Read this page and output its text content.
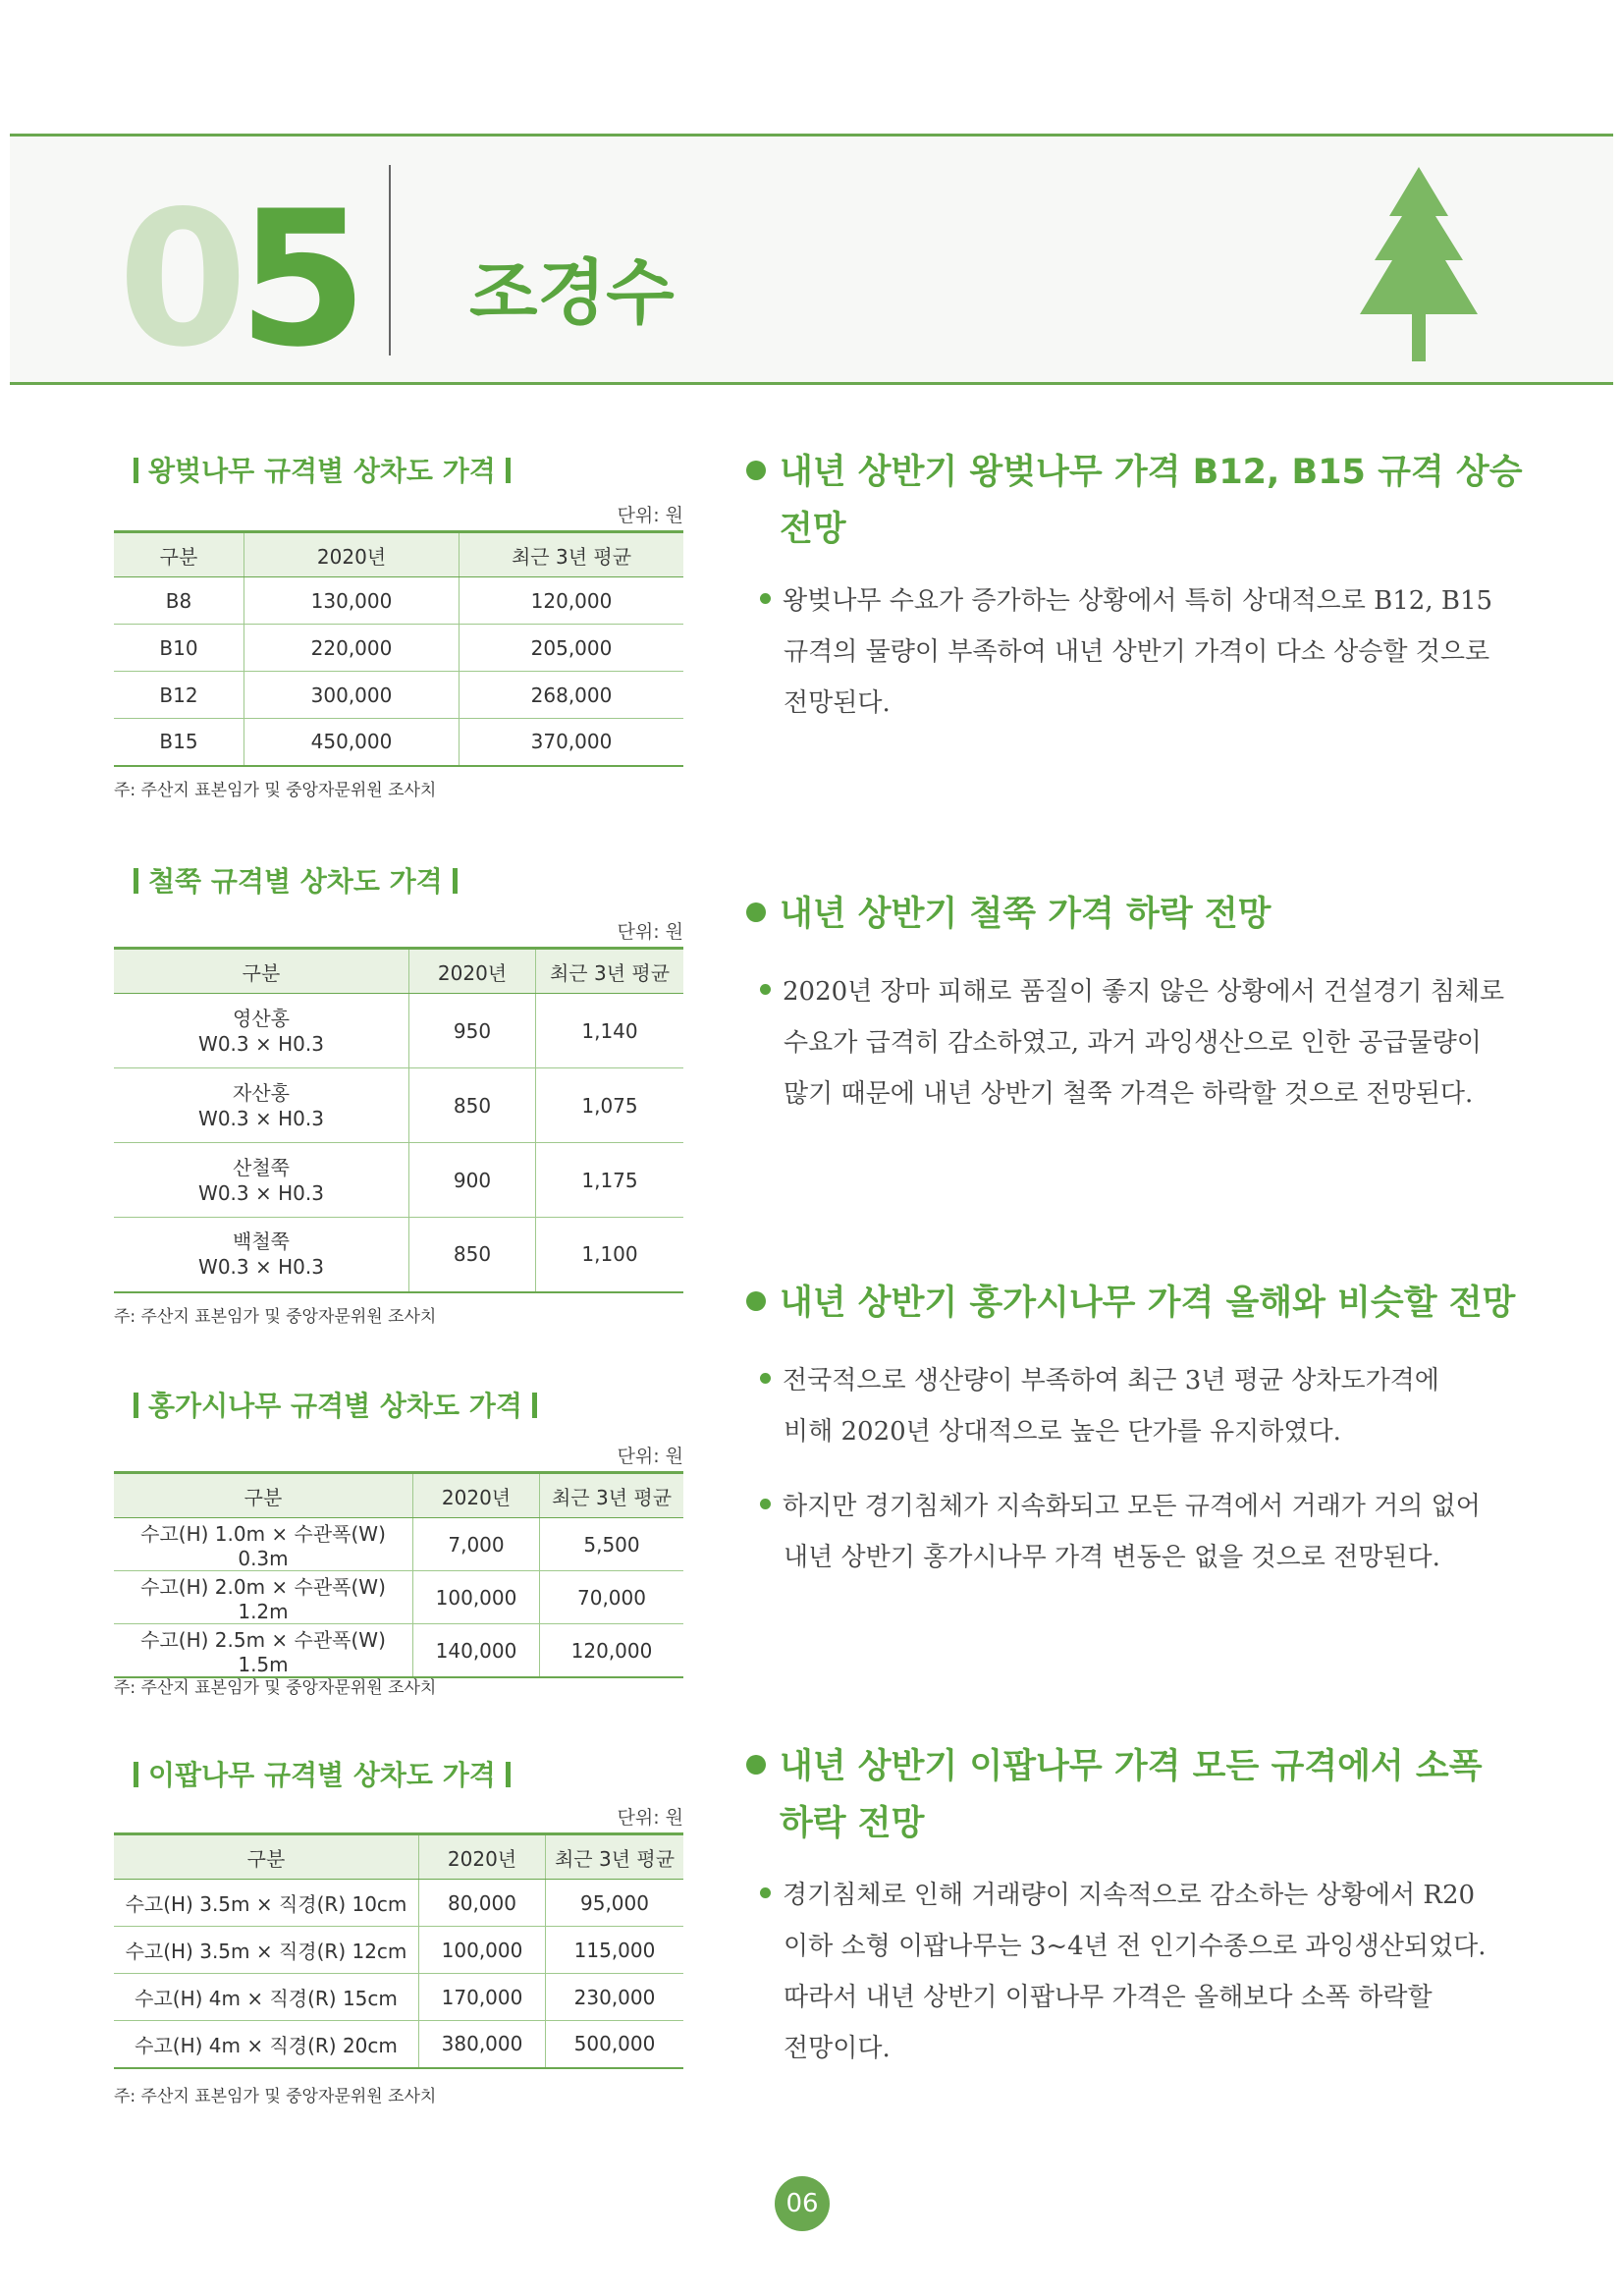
05 조경수
왕벚나무 규격별 상차도 가격
단위: 원
구분	2020년	최근 3년 평균
B8	130,000	120,000
B10	220,000	205,000
B12	300,000	268,000
B15	450,000	370,000
주: 주산지 표본임가 및 중앙자문위원 조사치
철쭉 규격별 상차도 가격
단위: 원
구분	2020년	최근 3년 평균

영산홍
W0.3 × H0.3	950	1,140

자산홍
W0.3 × H0.3	850	1,075

산철쭉
W0.3 × H0.3	900	1,175

백철쭉
W0.3 × H0.3	850	1,100
주: 주산지 표본임가 및 중앙자문위원 조사치
홍가시나무 규격별 상차도 가격
단위: 원
구분	2020년	최근 3년 평균
수고(H) 1.0m × 수관폭(W) 0.3m	7,000	5,500
수고(H) 2.0m × 수관폭(W) 1.2m	100,000	70,000
수고(H) 2.5m × 수관폭(W) 1.5m	140,000	120,000
주: 주산지 표본임가 및 중앙자문위원 조사치
이팝나무 규격별 상차도 가격
단위: 원
구분	2020년	최근 3년 평균
수고(H) 3.5m × 직경(R) 10cm	80,000	95,000
수고(H) 3.5m × 직경(R) 12cm	100,000	115,000
수고(H) 4m × 직경(R) 15cm	170,000	230,000
수고(H) 4m × 직경(R) 20cm	380,000	500,000
주: 주산지 표본임가 및 중앙자문위원 조사치
내년 상반기 왕벚나무 가격 B12, B15 규격 상승
전망
왕벚나무 수요가 증가하는 상황에서 특히 상대적으로 B12, B15
규격의 물량이 부족하여 내년 상반기 가격이 다소 상승할 것으로
전망된다.
내년 상반기 철쭉 가격 하락 전망
2020년 장마 피해로 품질이 좋지 않은 상황에서 건설경기 침체로
수요가 급격히 감소하였고, 과거 과잉생산으로 인한 공급물량이
많기 때문에 내년 상반기 철쭉 가격은 하락할 것으로 전망된다.
내년 상반기 홍가시나무 가격 올해와 비슷할 전망
전국적으로 생산량이 부족하여 최근 3년 평균 상차도가격에
비해 2020년 상대적으로 높은 단가를 유지하였다.
하지만 경기침체가 지속화되고 모든 규격에서 거래가 거의 없어
내년 상반기 홍가시나무 가격 변동은 없을 것으로 전망된다.
내년 상반기 이팝나무 가격 모든 규격에서 소폭
하락 전망
경기침체로 인해 거래량이 지속적으로 감소하는 상황에서 R20
이하 소형 이팝나무는 3~4년 전 인기수종으로 과잉생산되었다.
따라서 내년 상반기 이팝나무 가격은 올해보다 소폭 하락할
전망이다.
06
